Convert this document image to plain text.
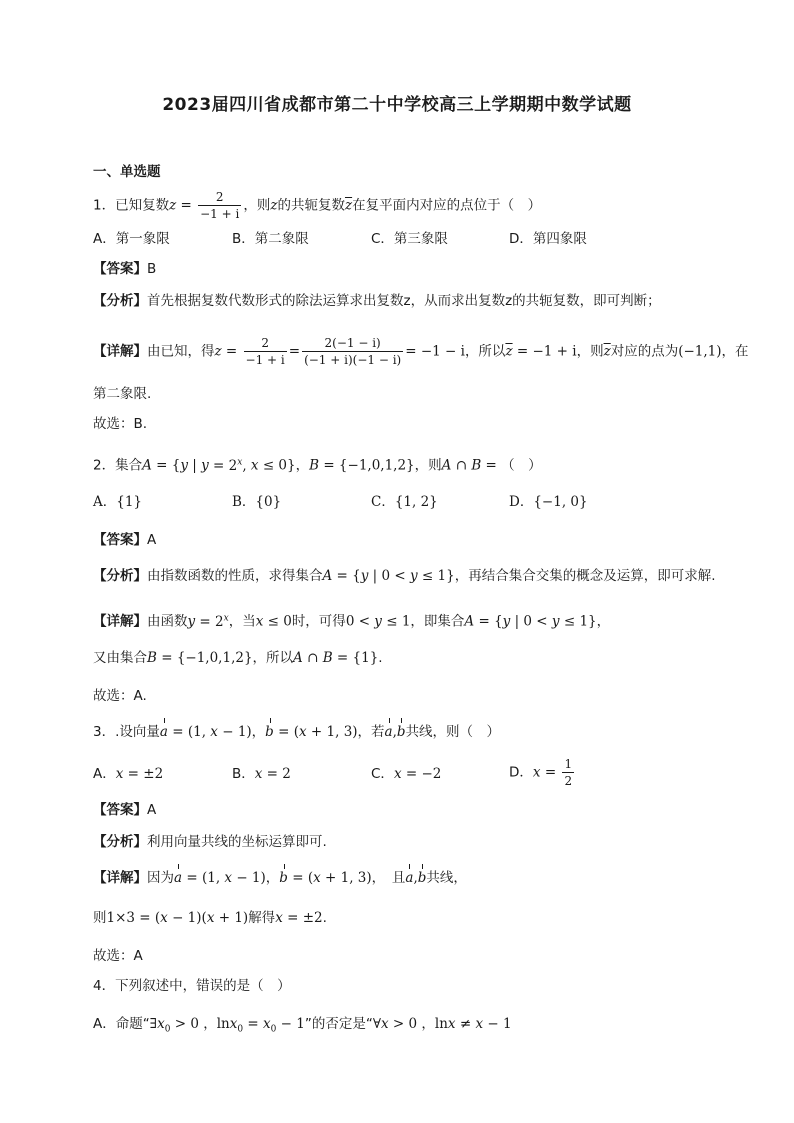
2023届四川省成都市第二十中学校高三上学期期中数学试题
一、单选题
1．已知复数$z = \frac{2}{-1 + i}$ ，则z的共轭复数$\overline{z}$在复平面内对应的点位于（　）
A．第一象限	B．第二象限	C．第三象限	D．第四象限
【答案】B
【分析】首先根据复数代数形式的除法运算求出复数z，从而求出复数z的共轭复数，即可判断；
【详解】由已知，得$z = \frac{2}{-1 + i} = \frac{2(-1 - i)}{(-1 + i)(-1 - i)} = -1 - i$，所以$\overline{z} = -1 + i$，则$\overline{z}$对应的点为(−1,1)，在
第二象限.
故选：B.
2．集合A = {y | $y = 2^x$, x ≤ 0}，B = {−1,0,1,2}，则A ∩ B = （　）
A．{1}	B．{0}	C．{1, 2}	D．{−1, 0}
【答案】A
【分析】由指数函数的性质，求得集合A = {y | 0 < y ≤ 1}，再结合集合交集的概念及运算，即可求解.
【详解】由函数$y = 2^x$，当x ≤ 0时，可得0 < y ≤ 1，即集合A = {y | 0 < y ≤ 1}，
又由集合B = {−1,0,1,2}，所以A ∩ B = {1}.
故选：A.
3．.设向量a = (1, x − 1)，b = (x + 1, 3)，若a,b共线，则（　）
A．x = ±2	B．x = 2	C．x = −2	D．$x = \frac{1}{2}$
【答案】A
【分析】利用向量共线的坐标运算即可.
【详解】因为a = (1, x − 1)，b = (x + 1, 3)，　且a,b共线，
则1×3 = (x − 1)(x + 1)解得x = ±2.
故选：A
4．下列叙述中，错误的是（　）
A．命题“$\exists x_0 > 0$ ，$\ln x_0 = x_0 - 1$”的否定是“∀x > 0 ，lnx ≠ x − 1
